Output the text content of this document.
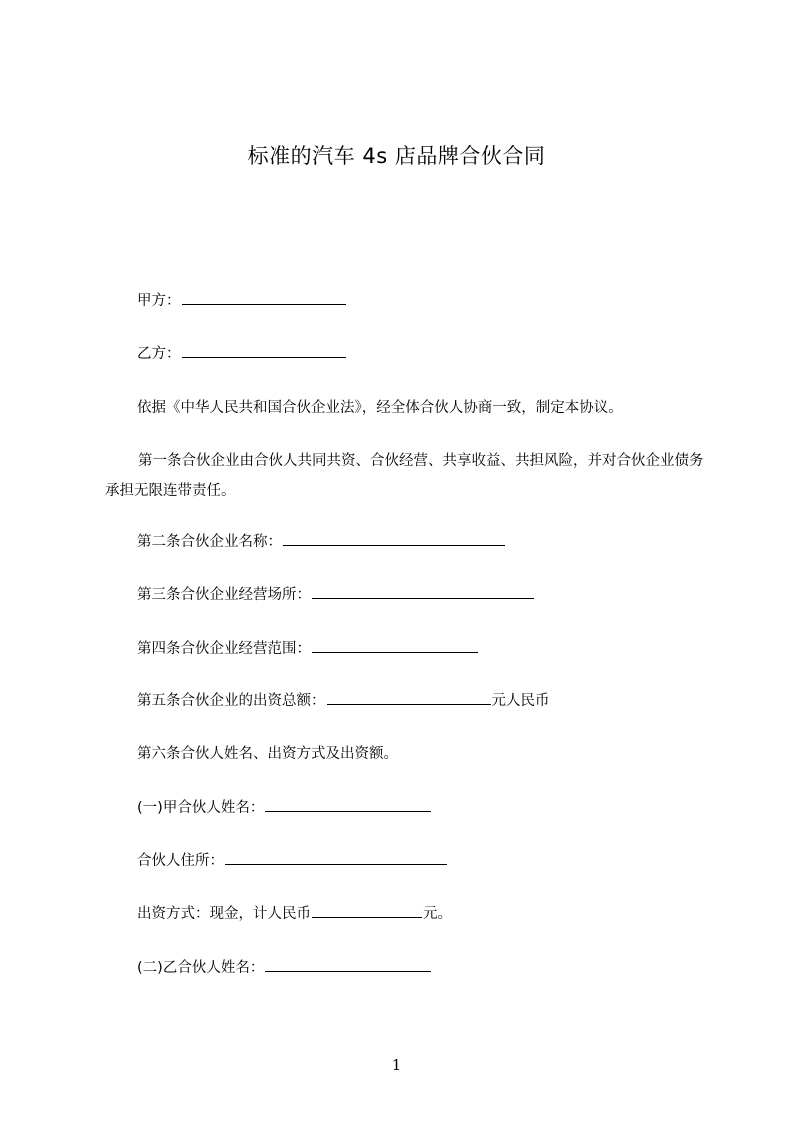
标准的汽车 4s 店品牌合伙合同
甲方：
乙方：
依据《中华人民共和国合伙企业法》，经全体合伙人协商一致，制定本协议。
第一条合伙企业由合伙人共同共资、合伙经营、共享收益、共担风险，并对合伙企业债务承担无限连带责任。
第二条合伙企业名称：
第三条合伙企业经营场所：
第四条合伙企业经营范围：
第五条合伙企业的出资总额：	元人民币
第六条合伙人姓名、出资方式及出资额。
(一)甲合伙人姓名：
合伙人住所：
出资方式：现金，计人民币	元。
(二)乙合伙人姓名：
1
